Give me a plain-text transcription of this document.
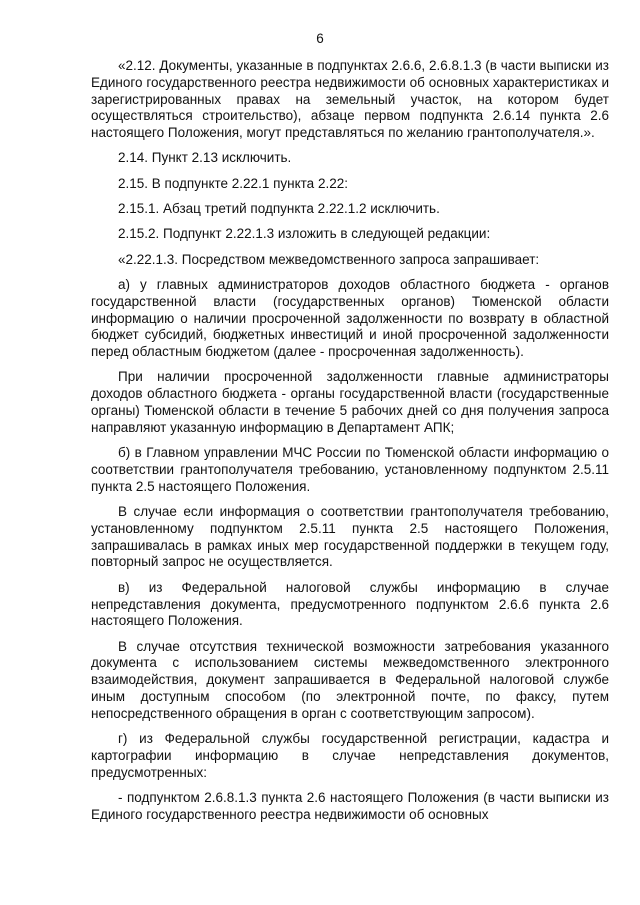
6

«2.12. Документы, указанные в подпунктах 2.6.6, 2.6.8.1.3 (в части выписки из Единого государственного реестра недвижимости об основных характеристиках и зарегистрированных правах на земельный участок, на котором будет осуществляться строительство), абзаце первом подпункта 2.6.14 пункта 2.6 настоящего Положения, могут представляться по желанию грантополучателя.».

2.14. Пункт 2.13 исключить.

2.15. В подпункте 2.22.1 пункта 2.22:

2.15.1. Абзац третий подпункта 2.22.1.2 исключить.

2.15.2. Подпункт 2.22.1.3 изложить в следующей редакции:

«2.22.1.3. Посредством межведомственного запроса запрашивает:

а) у главных администраторов доходов областного бюджета - органов государственной власти (государственных органов) Тюменской области информацию о наличии просроченной задолженности по возврату в областной бюджет субсидий, бюджетных инвестиций и иной просроченной задолженности перед областным бюджетом (далее - просроченная задолженность).

При наличии просроченной задолженности главные администраторы доходов областного бюджета - органы государственной власти (государственные органы) Тюменской области в течение 5 рабочих дней со дня получения запроса направляют указанную информацию в Департамент АПК;

б) в Главном управлении МЧС России по Тюменской области информацию о соответствии грантополучателя требованию, установленному подпунктом 2.5.11 пункта 2.5 настоящего Положения.

В случае если информация о соответствии грантополучателя требованию, установленному подпунктом 2.5.11 пункта 2.5 настоящего Положения, запрашивалась в рамках иных мер государственной поддержки в текущем году, повторный запрос не осуществляется.

в) из Федеральной налоговой службы информацию в случае непредставления документа, предусмотренного подпунктом 2.6.6 пункта 2.6 настоящего Положения.

В случае отсутствия технической возможности затребования указанного документа с использованием системы межведомственного электронного взаимодействия, документ запрашивается в Федеральной налоговой службе иным доступным способом (по электронной почте, по факсу, путем непосредственного обращения в орган с соответствующим запросом).

г) из Федеральной службы государственной регистрации, кадастра и картографии информацию в случае непредставления документов, предусмотренных:

- подпунктом 2.6.8.1.3 пункта 2.6 настоящего Положения (в части выписки из Единого государственного реестра недвижимости об основных
